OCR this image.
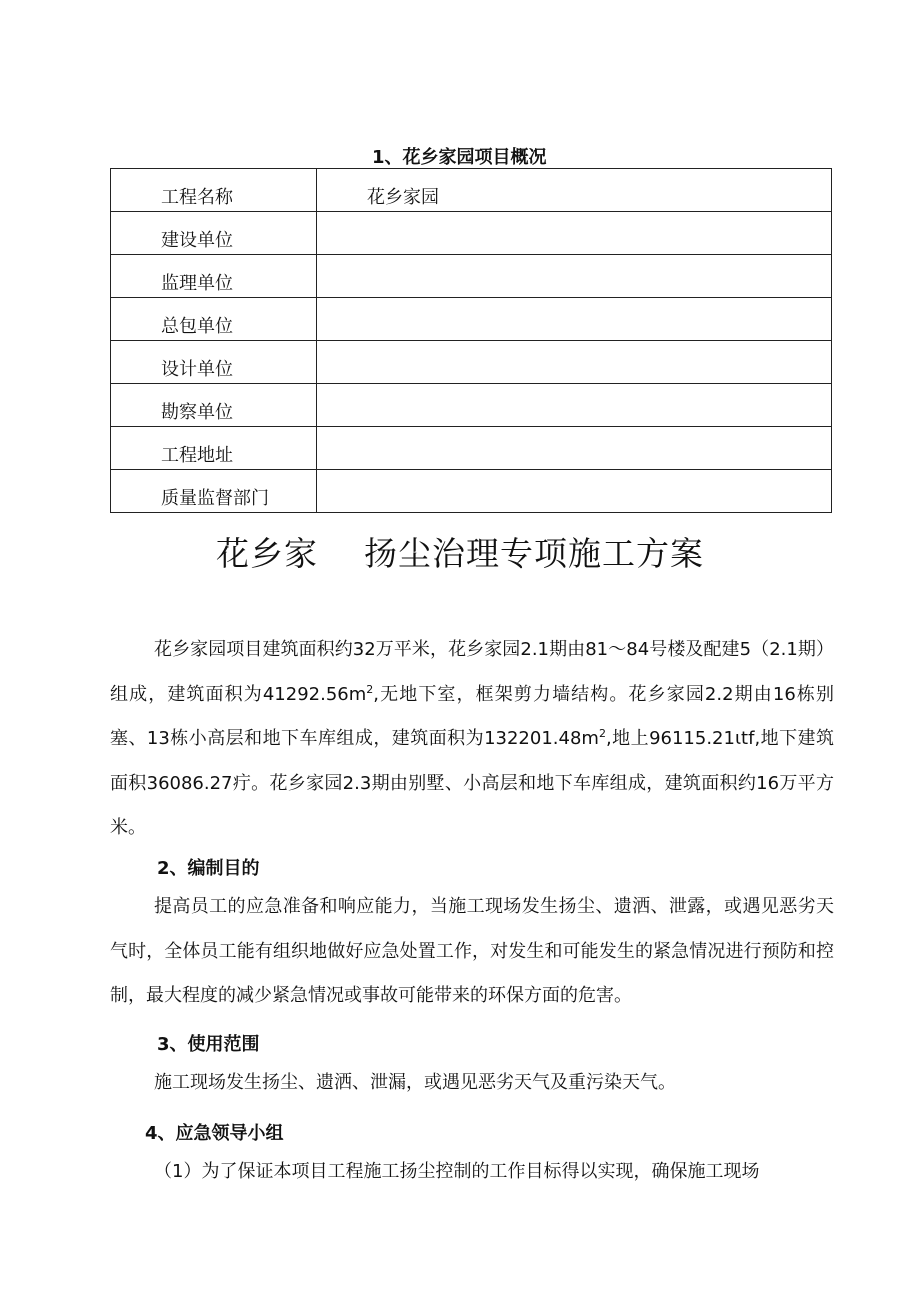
1、花乡家园项目概况
工程名称	花乡家园
建设单位	
监理单位	
总包单位	
设计单位	
勘察单位	
工程地址	
质量监督部门	
花乡家    扬尘治理专项施工方案
花乡家园项目建筑面积约32万平米，花乡家园2.1期由81〜84号楼及配建5（2.1期）组成，建筑面积为$41292.56m^2$,无地下室，框架剪力墙结构。花乡家园2.2期由16栋别塞、13栋小高层和地下车库组成，建筑面积为$132201.48m^2$,地上96115.21ιtf,地下建筑面积36086.27疔。花乡家园2.3期由别墅、小高层和地下车库组成，建筑面积约16万平方米。
2、编制目的
提高员工的应急准备和响应能力，当施工现场发生扬尘、遗洒、泄露，或遇见恶劣天气时，全体员工能有组织地做好应急处置工作，对发生和可能发生的紧急情况进行预防和控制，最大程度的减少紧急情况或事故可能带来的环保方面的危害。
3、使用范围
施工现场发生扬尘、遗洒、泄漏，或遇见恶劣天气及重污染天气。
4、应急领导小组
（1）为了保证本项目工程施工扬尘控制的工作目标得以实现，确保施工现场
